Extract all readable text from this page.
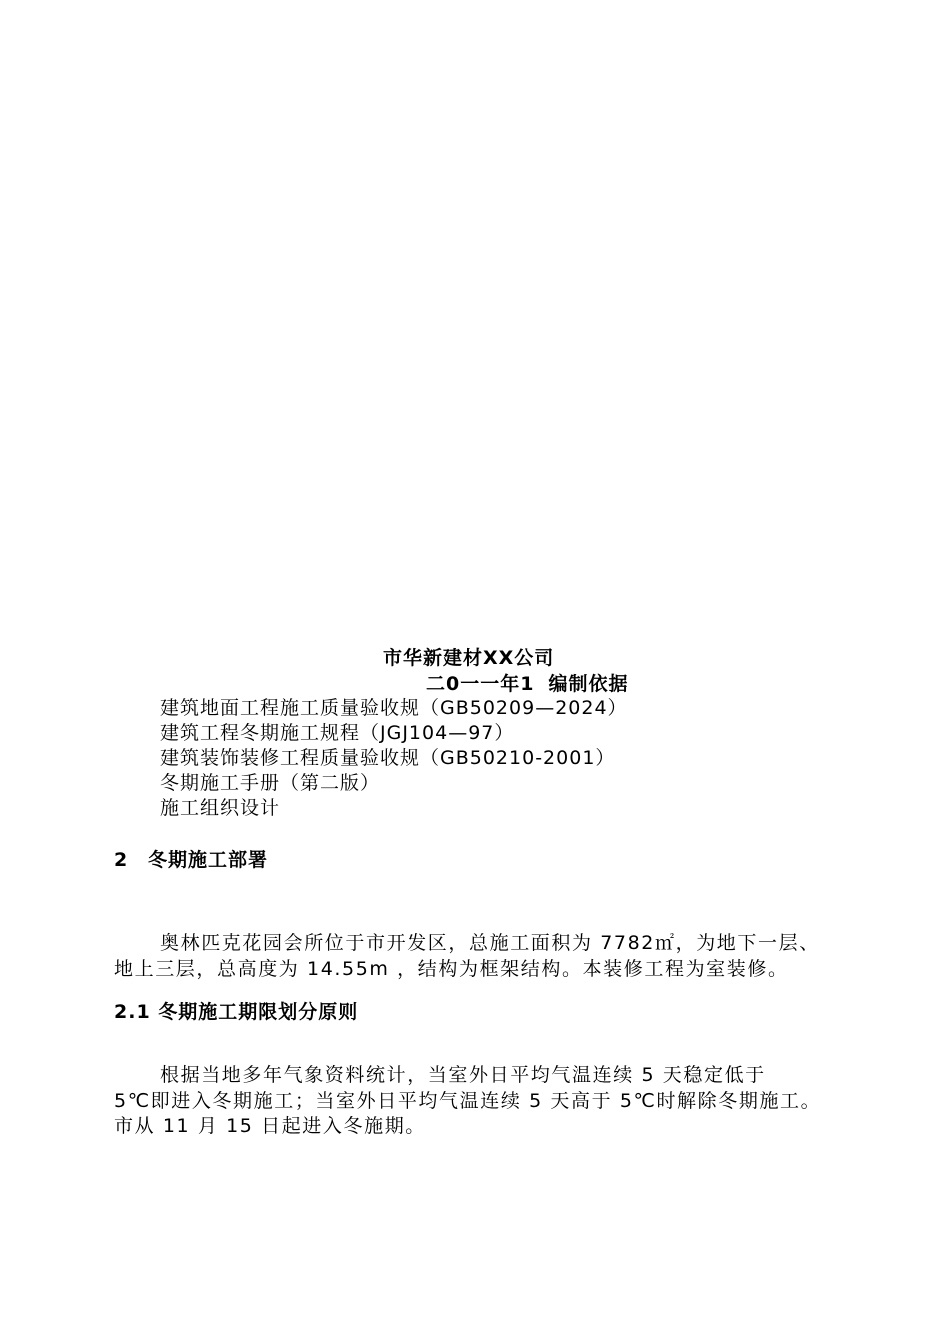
市华新建材XX公司
二0一一年1 编制依据
建筑地面工程施工质量验收规（GB50209—2024）
建筑工程冬期施工规程（JGJ104—97）
建筑装饰装修工程质量验收规（GB50210-2001）
冬期施工手册（第二版）
施工组织设计
2 冬期施工部署
奥林匹克花园会所位于市开发区，总施工面积为 7782㎡，为地下一层、
地上三层，总高度为 14.55m ，结构为框架结构。本装修工程为室装修。
2.1 冬期施工期限划分原则
根据当地多年气象资料统计，当室外日平均气温连续 5 天稳定低于
5℃即进入冬期施工；当室外日平均气温连续 5 天高于 5℃时解除冬期施工。
市从 11 月 15 日起进入冬施期。
